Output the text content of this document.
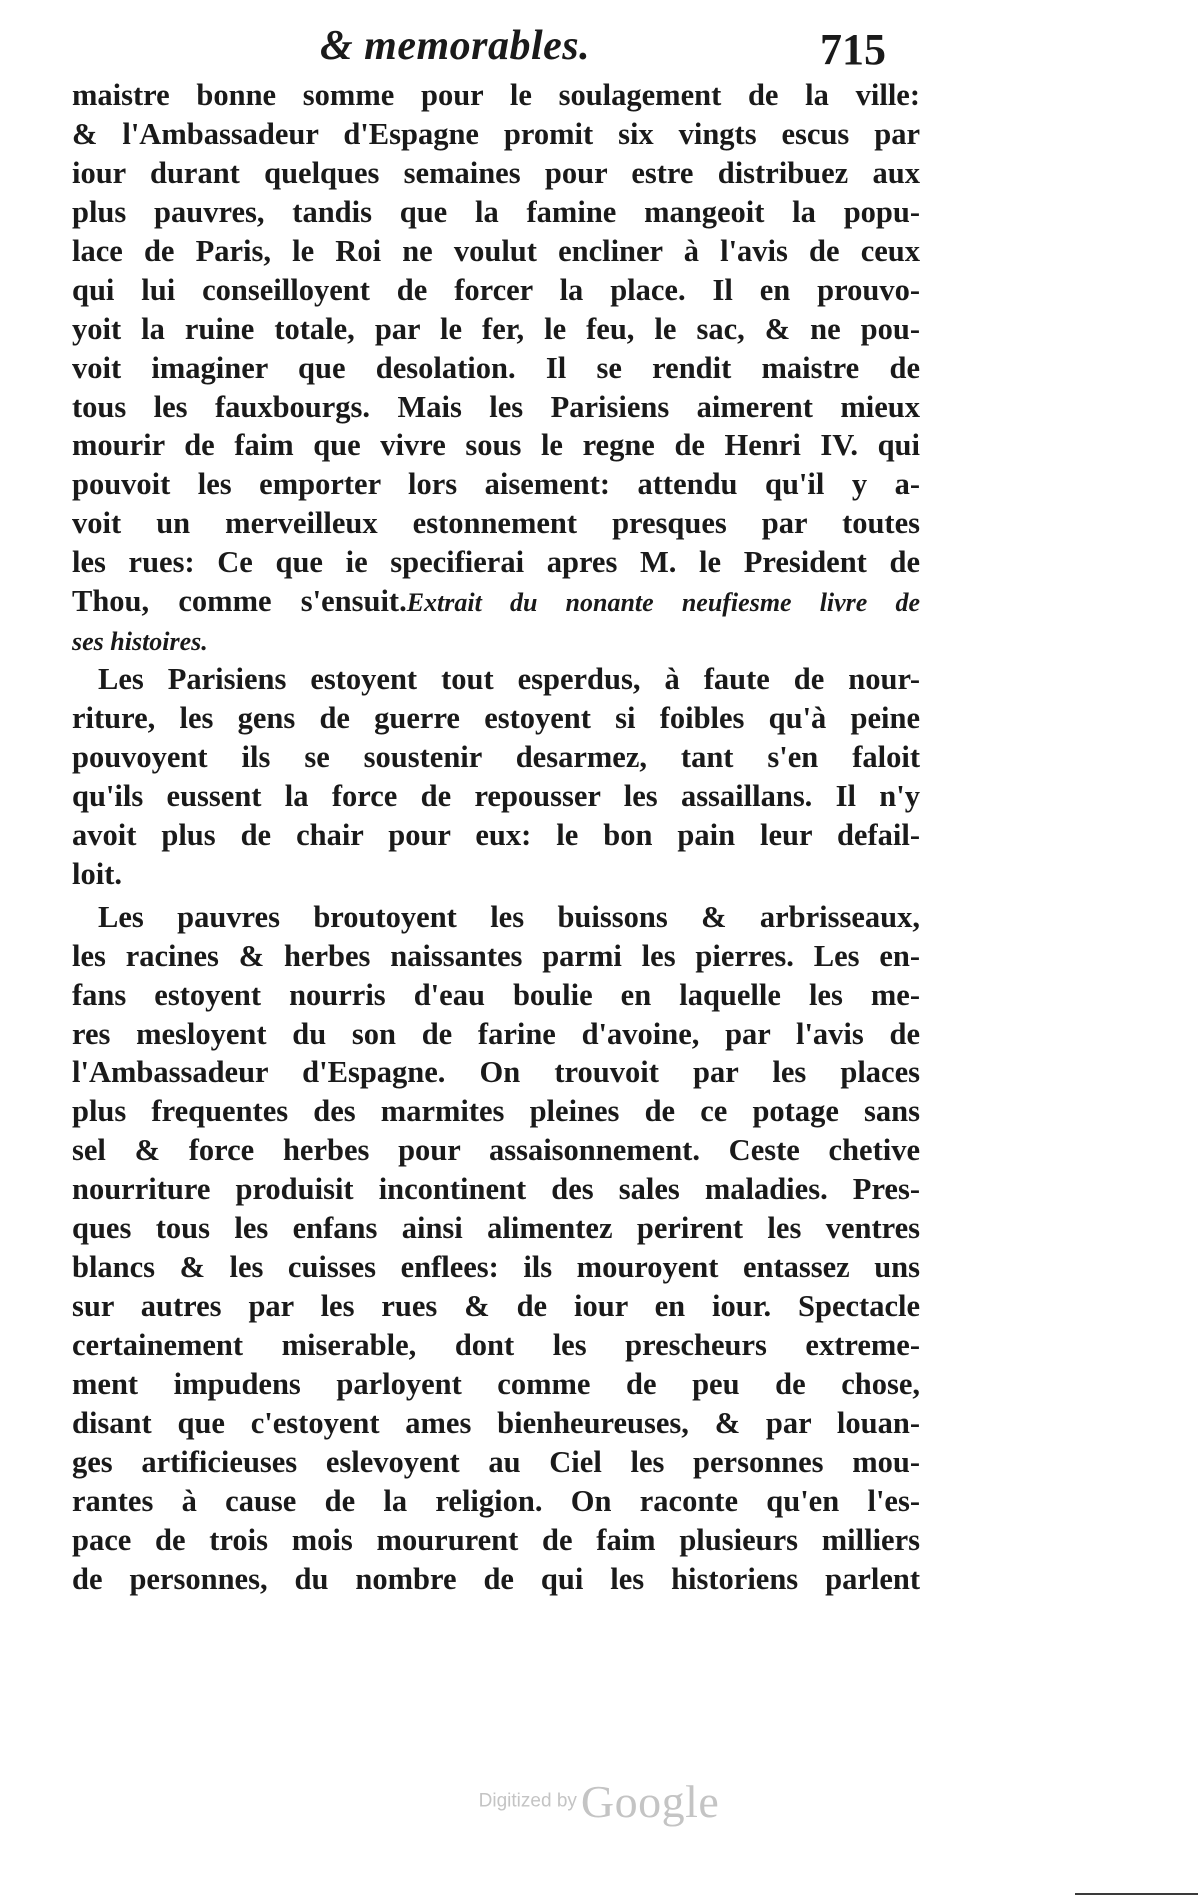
& memorables.	715
maistre bonne somme pour le soulagement de la ville:
& l'Ambassadeur d'Espagne promit six vingts escus par
iour durant quelques semaines pour estre distribuez aux
plus pauvres, tandis que la famine mangeoit la popu-
lace de Paris, le Roi ne voulut encliner à l'avis de ceux
qui lui conseilloyent de forcer la place. Il en prouvo-
yoit la ruine totale, par le fer, le feu, le sac, & ne pou-
voit imaginer que desolation. Il se rendit maistre de
tous les fauxbourgs. Mais les Parisiens aimerent mieux
mourir de faim que vivre sous le regne de Henri IV. qui
pouvoit les emporter lors aisement: attendu qu'il y a-
voit un merveilleux estonnement presques par toutes
les rues: Ce que ie specifierai apres M. le President de
Thou, comme s'ensuit.Extrait du nonante neufiesme livre de
ses histoires.
Les Parisiens estoyent tout esperdus, à faute de nour-
riture, les gens de guerre estoyent si foibles qu'à peine
pouvoyent ils se soustenir desarmez, tant s'en faloit
qu'ils eussent la force de repousser les assaillans. Il n'y
avoit plus de chair pour eux: le bon pain leur defail-
loit.
Les pauvres broutoyent les buissons & arbrisseaux,
les racines & herbes naissantes parmi les pierres. Les en-
fans estoyent nourris d'eau boulie en laquelle les me-
res mesloyent du son de farine d'avoine, par l'avis de
l'Ambassadeur d'Espagne. On trouvoit par les places
plus frequentes des marmites pleines de ce potage sans
sel & force herbes pour assaisonnement. Ceste chetive
nourriture produisit incontinent des sales maladies. Pres-
ques tous les enfans ainsi alimentez perirent les ventres
blancs & les cuisses enflees: ils mouroyent entassez uns
sur autres par les rues & de iour en iour. Spectacle
certainement miserable, dont les prescheurs extreme-
ment impudens parloyent comme de peu de chose,
disant que c'estoyent ames bienheureuses, & par louan-
ges artificieuses eslevoyent au Ciel les personnes mou-
rantes à cause de la religion. On raconte qu'en l'es-
pace de trois mois moururent de faim plusieurs milliers
de personnes, du nombre de qui les historiens parlent
Digitized by Google
